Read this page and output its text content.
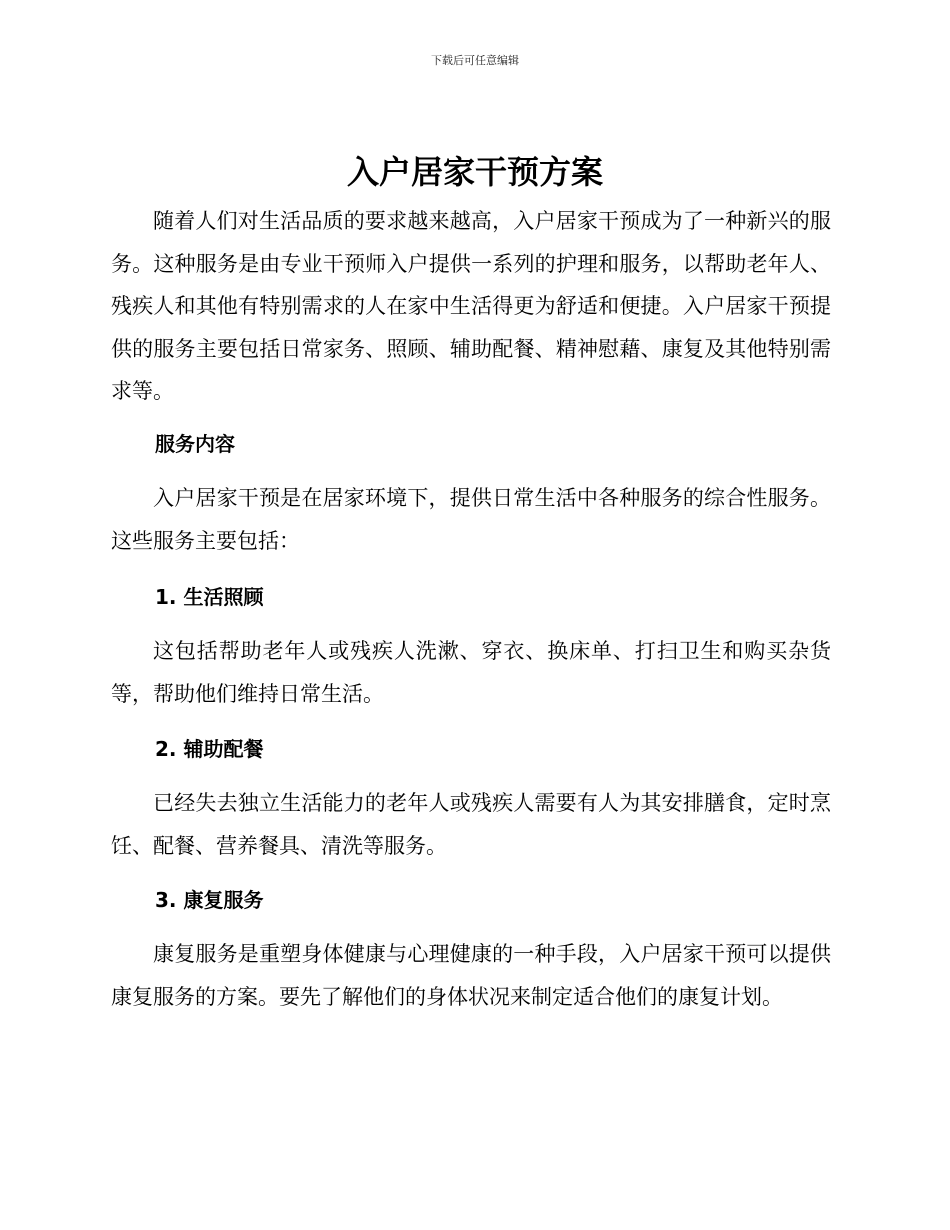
下载后可任意编辑
入户居家干预方案

随着人们对生活品质的要求越来越高，入户居家干预成为了一种新兴的服务。这种服务是由专业干预师入户提供一系列的护理和服务，以帮助老年人、残疾人和其他有特别需求的人在家中生活得更为舒适和便捷。入户居家干预提供的服务主要包括日常家务、照顾、辅助配餐、精神慰藉、康复及其他特别需求等。

服务内容

入户居家干预是在居家环境下，提供日常生活中各种服务的综合性服务。这些服务主要包括：

1. 生活照顾

这包括帮助老年人或残疾人洗漱、穿衣、换床单、打扫卫生和购买杂货等，帮助他们维持日常生活。

2. 辅助配餐

已经失去独立生活能力的老年人或残疾人需要有人为其安排膳食，定时烹饪、配餐、营养餐具、清洗等服务。

3. 康复服务

康复服务是重塑身体健康与心理健康的一种手段，入户居家干预可以提供康复服务的方案。要先了解他们的身体状况来制定适合他们的康复计划。
